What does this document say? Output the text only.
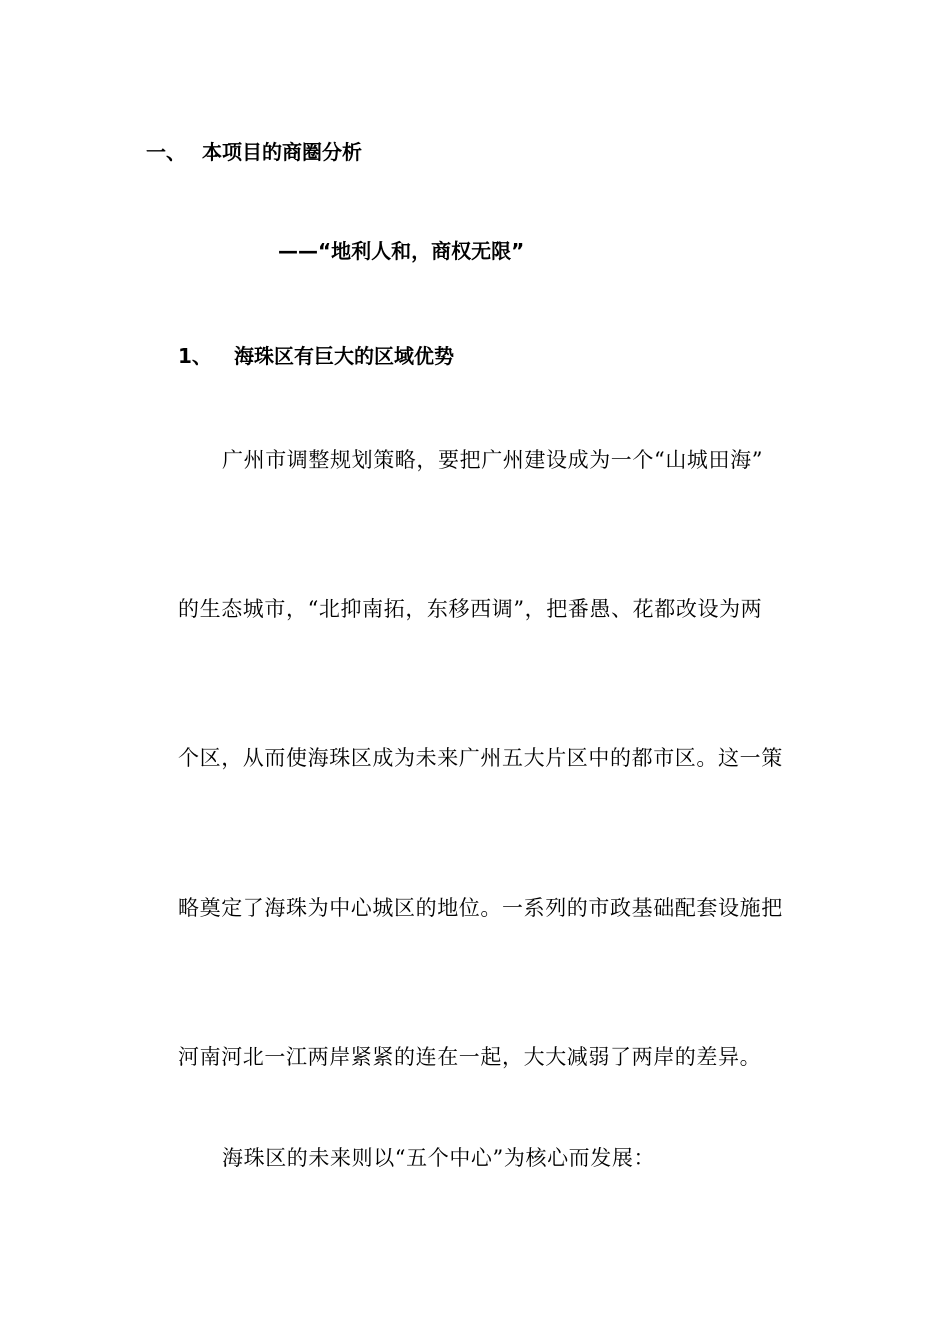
一、 本项目的商圈分析
——“地利人和，商权无限”
1、 海珠区有巨大的区域优势
广州市调整规划策略，要把广州建设成为一个“山城田海”
的生态城市，“北抑南拓，东移西调”，把番愚、花都改设为两
个区，从而使海珠区成为未来广州五大片区中的都市区。这一策
略奠定了海珠为中心城区的地位。一系列的市政基础配套设施把
河南河北一江两岸紧紧的连在一起，大大减弱了两岸的差异。
海珠区的未来则以“五个中心”为核心而发展：
